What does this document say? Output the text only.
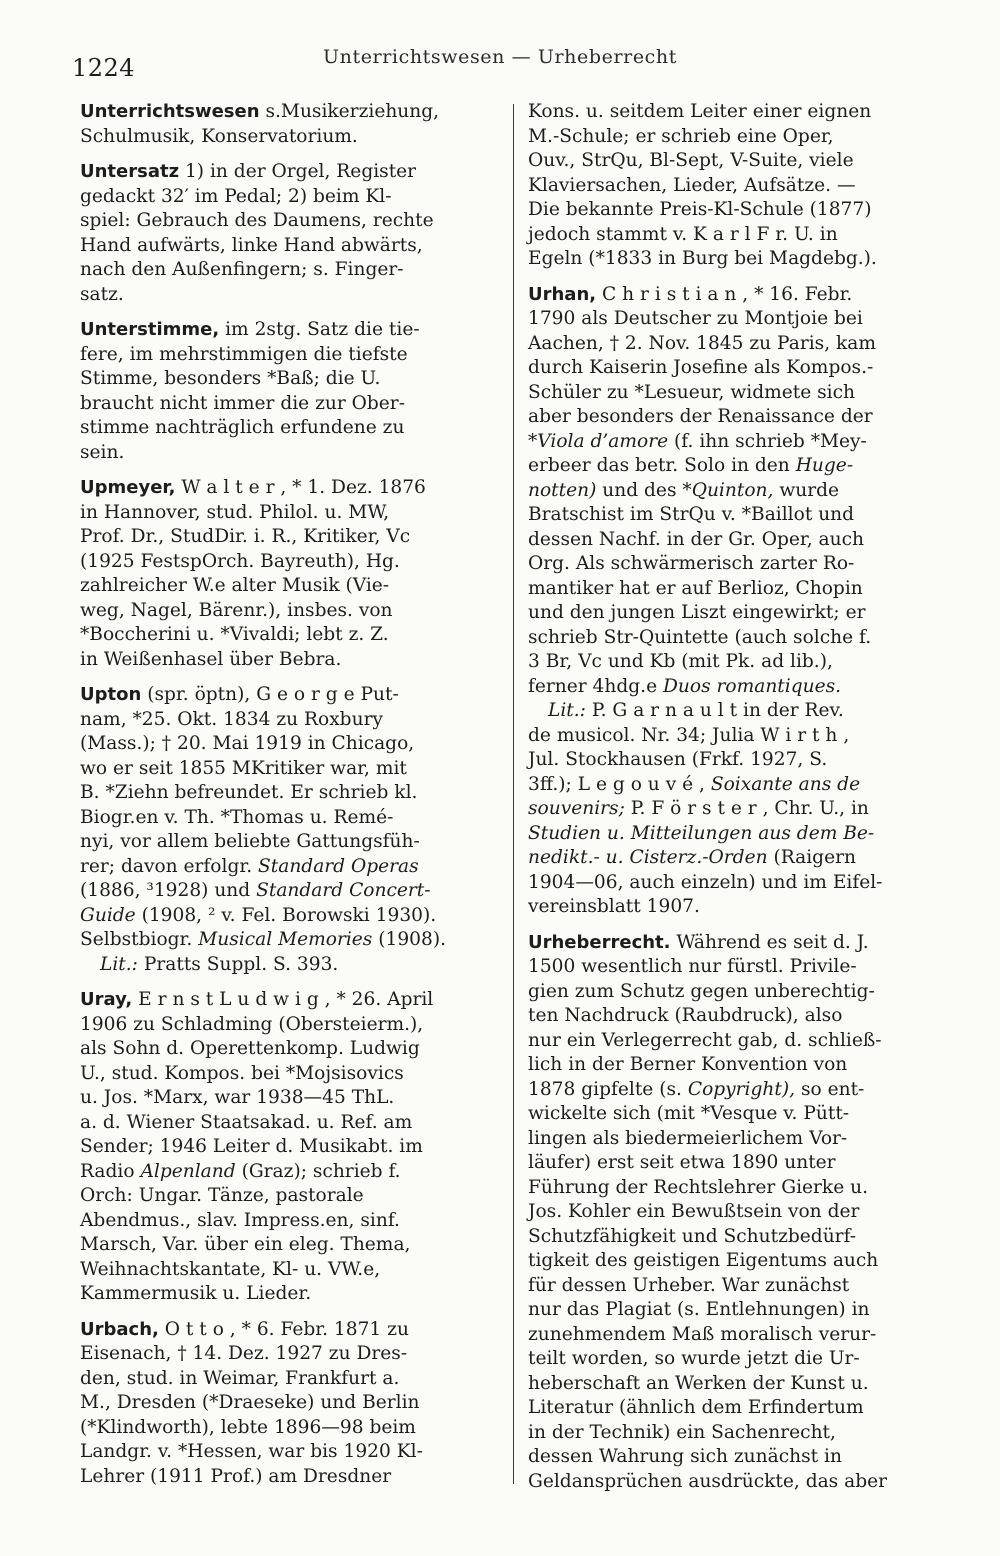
1224	Unterrichtswesen — Urheberrecht
Unterrichtswesen s.Musikerziehung,
Schulmusik, Konservatorium.
Untersatz 1) in der Orgel, Register
gedackt 32′ im Pedal; 2) beim Kl-
spiel: Gebrauch des Daumens, rechte
Hand aufwärts, linke Hand abwärts,
nach den Außenfingern; s. Finger-
satz.
Unterstimme, im 2stg. Satz die tie-
fere, im mehrstimmigen die tiefste
Stimme, besonders *Baß; die U.
braucht nicht immer die zur Ober-
stimme nachträglich erfundene zu
sein.
Upmeyer, W a l t e r , * 1. Dez. 1876
in Hannover, stud. Philol. u. MW,
Prof. Dr., StudDir. i. R., Kritiker, Vc
(1925 FestspOrch. Bayreuth), Hg.
zahlreicher W.e alter Musik (Vie-
weg, Nagel, Bärenr.), insbes. von
*Boccherini u. *Vivaldi; lebt z. Z.
in Weißenhasel über Bebra.
Upton (spr. öptn), G e o r g e Put-
nam, *25. Okt. 1834 zu Roxbury
(Mass.); † 20. Mai 1919 in Chicago,
wo er seit 1855 MKritiker war, mit
B. *Ziehn befreundet. Er schrieb kl.
Biogr.en v. Th. *Thomas u. Remé-
nyi, vor allem beliebte Gattungsfüh-
rer; davon erfolgr. Standard Operas
(1886, ³1928) und Standard Concert-
Guide (1908, ² v. Fel. Borowski 1930).
Selbstbiogr. Musical Memories (1908).
Lit.: Pratts Suppl. S. 393.
Uray, E r n s t L u d w i g , * 26. April
1906 zu Schladming (Obersteierm.),
als Sohn d. Operettenkomp. Ludwig
U., stud. Kompos. bei *Mojsisovics
u. Jos. *Marx, war 1938—45 ThL.
a. d. Wiener Staatsakad. u. Ref. am
Sender; 1946 Leiter d. Musikabt. im
Radio Alpenland (Graz); schrieb f.
Orch: Ungar. Tänze, pastorale
Abendmus., slav. Impress.en, sinf.
Marsch, Var. über ein eleg. Thema,
Weihnachtskantate, Kl- u. VW.e,
Kammermusik u. Lieder.
Urbach, O t t o , * 6. Febr. 1871 zu
Eisenach, † 14. Dez. 1927 zu Dres-
den, stud. in Weimar, Frankfurt a.
M., Dresden (*Draeseke) und Berlin
(*Klindworth), lebte 1896—98 beim
Landgr. v. *Hessen, war bis 1920 Kl-
Lehrer (1911 Prof.) am Dresdner
Kons. u. seitdem Leiter einer eignen
M.-Schule; er schrieb eine Oper,
Ouv., StrQu, Bl-Sept, V-Suite, viele
Klaviersachen, Lieder, Aufsätze. —
Die bekannte Preis-Kl-Schule (1877)
jedoch stammt v. K a r l F r. U. in
Egeln (*1833 in Burg bei Magdebg.).
Urhan, C h r i s t i a n , * 16. Febr.
1790 als Deutscher zu Montjoie bei
Aachen, † 2. Nov. 1845 zu Paris, kam
durch Kaiserin Josefine als Kompos.-
Schüler zu *Lesueur, widmete sich
aber besonders der Renaissance der
*Viola d’amore (f. ihn schrieb *Mey-
erbeer das betr. Solo in den Huge-
notten) und des *Quinton, wurde
Bratschist im StrQu v. *Baillot und
dessen Nachf. in der Gr. Oper, auch
Org. Als schwärmerisch zarter Ro-
mantiker hat er auf Berlioz, Chopin
und den jungen Liszt eingewirkt; er
schrieb Str-Quintette (auch solche f.
3 Br, Vc und Kb (mit Pk. ad lib.),
ferner 4hdg.e Duos romantiques.
Lit.: P. G a r n a u l t in der Rev.
de musicol. Nr. 34; Julia W i r t h ,
Jul. Stockhausen (Frkf. 1927, S.
3ff.); L e g o u v é , Soixante ans de
souvenirs; P. F ö r s t e r , Chr. U., in
Studien u. Mitteilungen aus dem Be-
nedikt.- u. Cisterz.-Orden (Raigern
1904—06, auch einzeln) und im Eifel-
vereinsblatt 1907.
Urheberrecht. Während es seit d. J.
1500 wesentlich nur fürstl. Privile-
gien zum Schutz gegen unberechtig-
ten Nachdruck (Raubdruck), also
nur ein Verlegerrecht gab, d. schließ-
lich in der Berner Konvention von
1878 gipfelte (s. Copyright), so ent-
wickelte sich (mit *Vesque v. Pütt-
lingen als biedermeierlichem Vor-
läufer) erst seit etwa 1890 unter
Führung der Rechtslehrer Gierke u.
Jos. Kohler ein Bewußtsein von der
Schutzfähigkeit und Schutzbedürf-
tigkeit des geistigen Eigentums auch
für dessen Urheber. War zunächst
nur das Plagiat (s. Entlehnungen) in
zunehmendem Maß moralisch verur-
teilt worden, so wurde jetzt die Ur-
heberschaft an Werken der Kunst u.
Literatur (ähnlich dem Erfindertum
in der Technik) ein Sachenrecht,
dessen Wahrung sich zunächst in
Geldansprüchen ausdrückte, das aber
